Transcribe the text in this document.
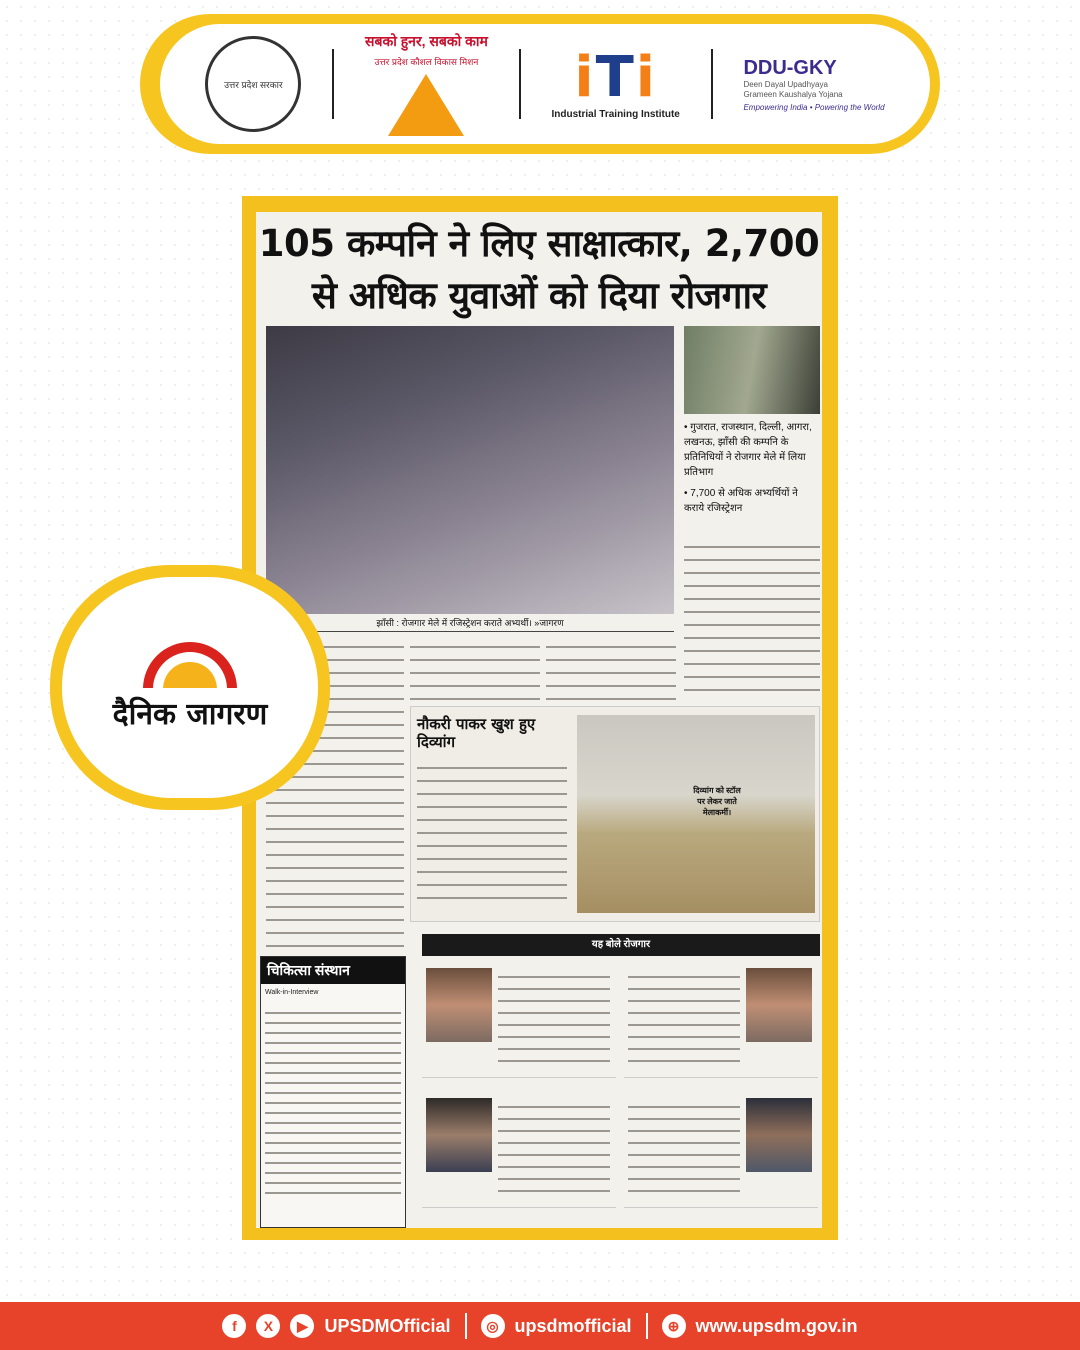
उत्तर प्रदेश सरकार
सबको हुनर, सबको काम
उत्तर प्रदेश कौशल विकास मिशन iTi
Industrial Training Institute
DDU-GKY
Deen Dayal Upadhyaya
Grameen Kaushalya Yojana
Empowering India • Powering the World
105 कम्पनि ने लिए साक्षात्कार, 2,700
से अधिक युवाओं को दिया रोजगार
• गुजरात, राजस्थान, दिल्ली, आगरा, लखनऊ, झाँसी की कम्पनि के प्रतिनिधियों ने रोजगार मेले में लिया प्रतिभाग
• 7,700 से अधिक अभ्यर्थियों ने कराये रजिस्ट्रेशन
झाँसी : रोजगार मेले में रजिस्ट्रेशन कराते अभ्यर्थी। »जागरण
नौकरी पाकर खुश हुए दिव्यांग
दिव्यांग को स्टॉल पर लेकर जाते मेलाकर्मी।
चिकित्सा संस्थान
Walk-in-Interview
यह बोले रोजगार
दैनिक जागरण
f	X	▶ UPSDMOfficial	◎ upsdmofficial	⊕ www.upsdm.gov.in
